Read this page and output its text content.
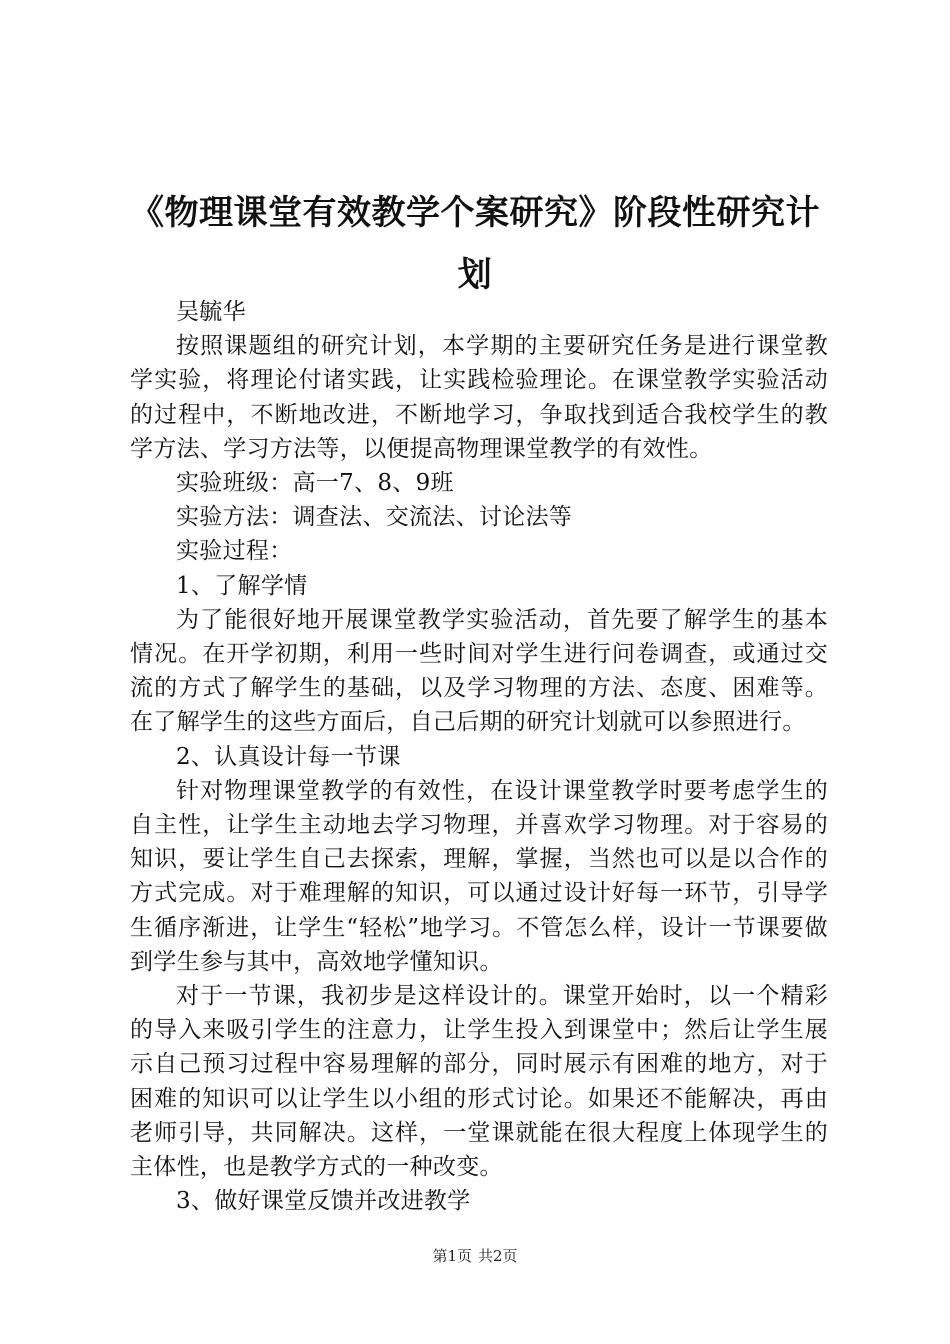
《物理课堂有效教学个案研究》阶段性研究计划

吴毓华

按照课题组的研究计划，本学期的主要研究任务是进行课堂教学实验，将理论付诸实践，让实践检验理论。在课堂教学实验活动的过程中，不断地改进，不断地学习，争取找到适合我校学生的教学方法、学习方法等，以便提高物理课堂教学的有效性。

实验班级：高一7、8、9班

实验方法：调查法、交流法、讨论法等

实验过程：

1、了解学情

为了能很好地开展课堂教学实验活动，首先要了解学生的基本情况。在开学初期，利用一些时间对学生进行问卷调查，或通过交流的方式了解学生的基础，以及学习物理的方法、态度、困难等。在了解学生的这些方面后，自己后期的研究计划就可以参照进行。

2、认真设计每一节课

针对物理课堂教学的有效性，在设计课堂教学时要考虑学生的自主性，让学生主动地去学习物理，并喜欢学习物理。对于容易的知识，要让学生自己去探索，理解，掌握，当然也可以是以合作的方式完成。对于难理解的知识，可以通过设计好每一环节，引导学生循序渐进，让学生“轻松”地学习。不管怎么样，设计一节课要做到学生参与其中，高效地学懂知识。

对于一节课，我初步是这样设计的。课堂开始时，以一个精彩的导入来吸引学生的注意力，让学生投入到课堂中；然后让学生展示自己预习过程中容易理解的部分，同时展示有困难的地方，对于困难的知识可以让学生以小组的形式讨论。如果还不能解决，再由老师引导，共同解决。这样，一堂课就能在很大程度上体现学生的主体性，也是教学方式的一种改变。

3、做好课堂反馈并改进教学

第1页 共2页
